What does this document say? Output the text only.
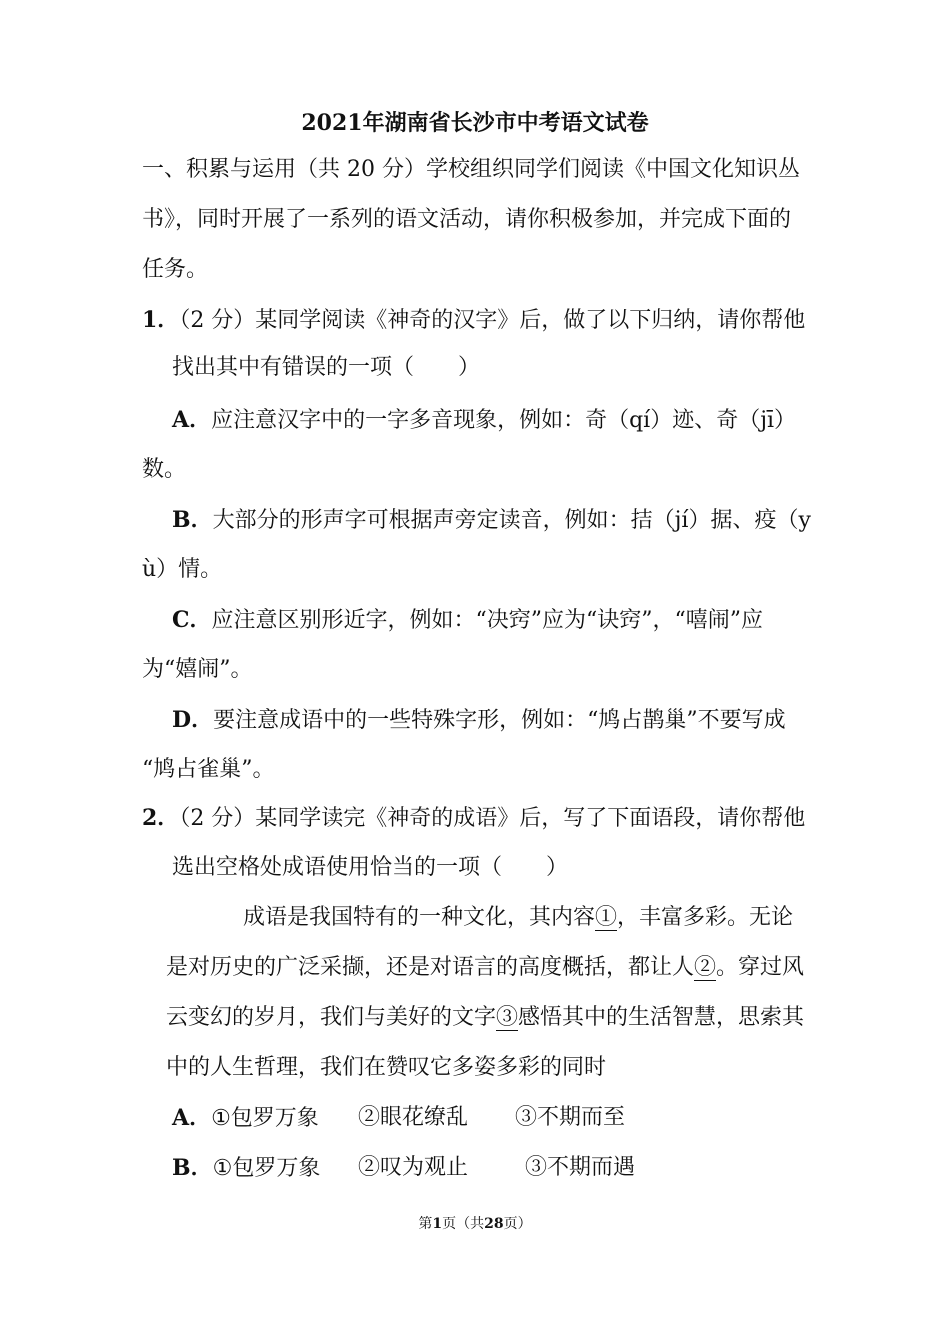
2021年湖南省长沙市中考语文试卷
一、积累与运用（共 20 分）学校组织同学们阅读《中国文化知识丛
书》，同时开展了一系列的语文活动，请你积极参加，并完成下面的
任务。
1．（2 分）某同学阅读《神奇的汉字》后，做了以下归纳，请你帮他
找出其中有错误的一项（　　）
A．应注意汉字中的一字多音现象，例如：奇（qí）迹、奇（jī）
数。
B．大部分的形声字可根据声旁定读音，例如：拮（jí）据、疫（y
ù）情。
C．应注意区别形近字，例如：“决窍”应为“诀窍”，“嘻闹”应
为“嬉闹”。
D．要注意成语中的一些特殊字形，例如：“鸠占鹊巢”不要写成
“鸠占雀巢”。
2．（2 分）某同学读完《神奇的成语》后，写了下面语段，请你帮他
选出空格处成语使用恰当的一项（　　）
成语是我国特有的一种文化，其内容①，丰富多彩。无论
是对历史的广泛采撷，还是对语言的高度概括，都让人②。穿过风
云变幻的岁月，我们与美好的文字③感悟其中的生活智慧，思索其
中的人生哲理，我们在赞叹它多姿多彩的同时
A．①包罗万象 ②眼花缭乱 ③不期而至
B．①包罗万象 ②叹为观止	③不期而遇
第1页（共28页）
